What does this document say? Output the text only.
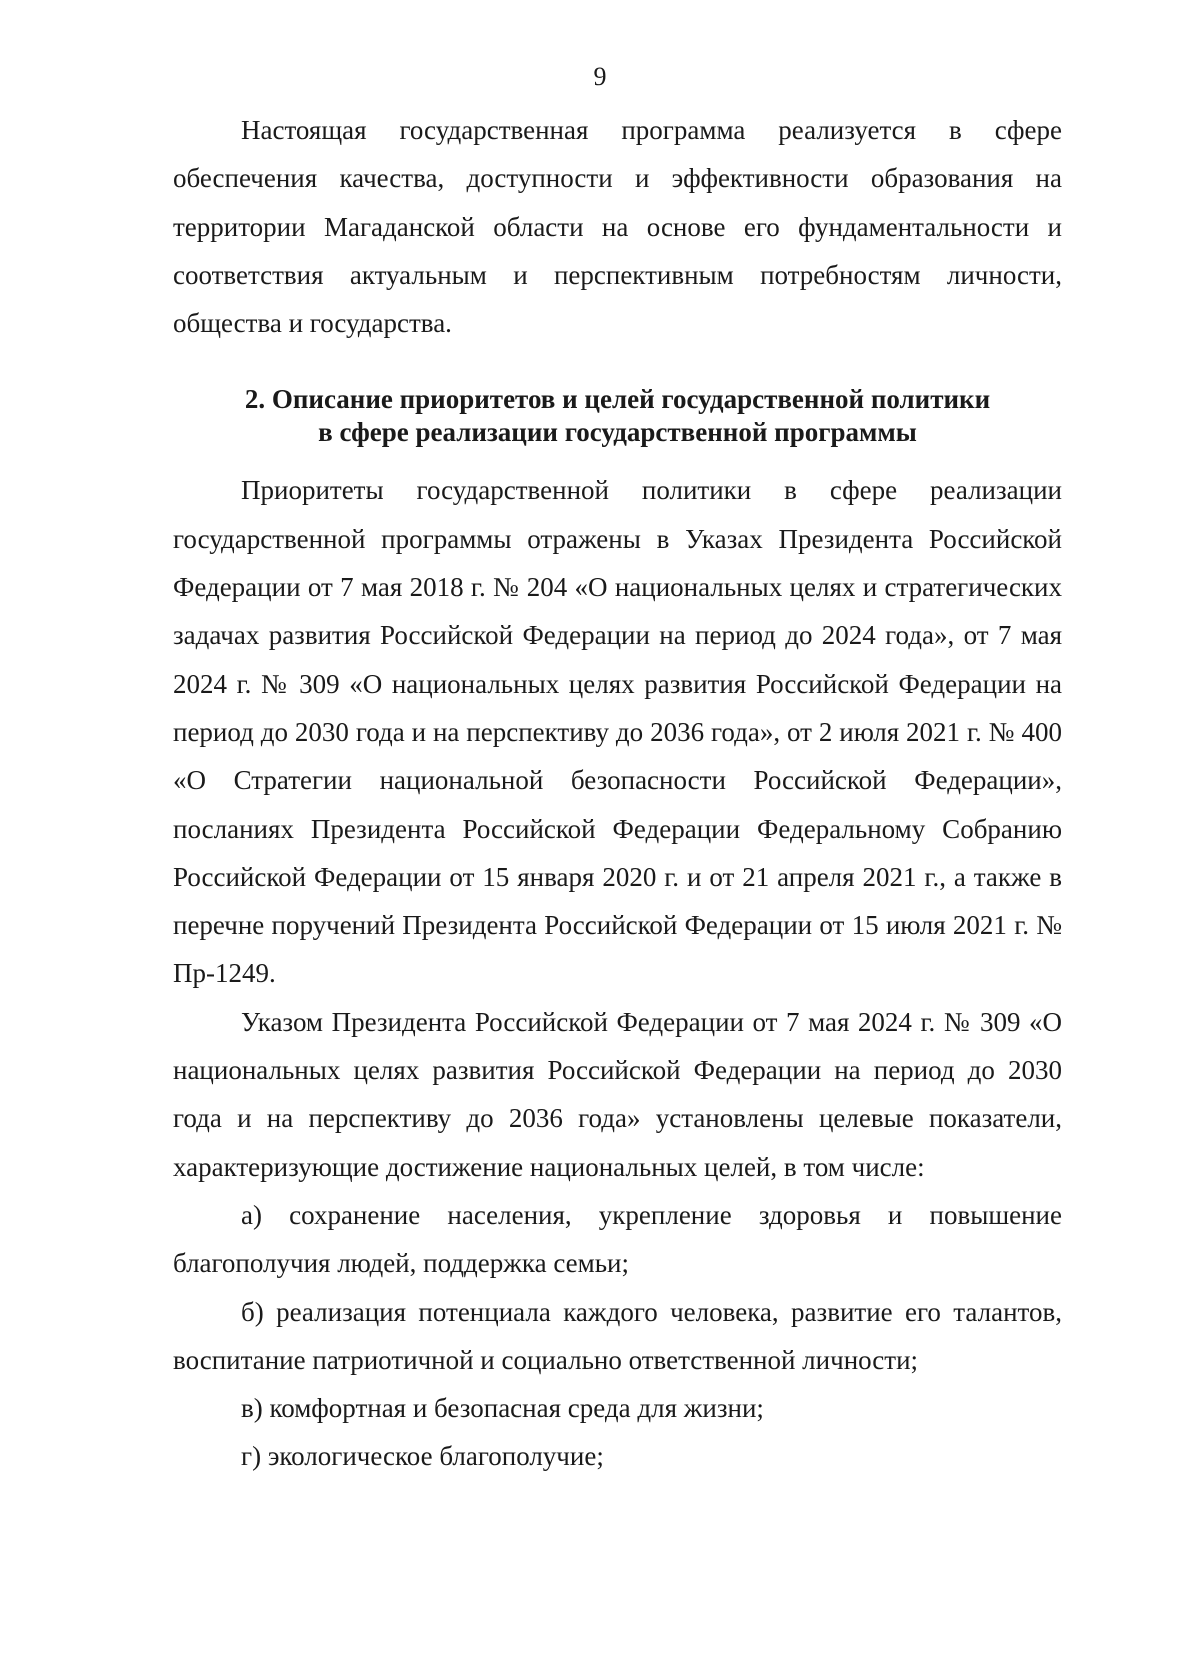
9

Настоящая государственная программа реализуется в сфере обеспечения качества, доступности и эффективности образования на территории Магаданской области на основе его фундаментальности и соответствия актуальным и перспективным потребностям личности, общества и государства.

2. Описание приоритетов и целей государственной политики
в сфере реализации государственной программы

Приоритеты государственной политики в сфере реализации государственной программы отражены в Указах Президента Российской Федерации от 7 мая 2018 г. № 204 «О национальных целях и стратегических задачах развития Российской Федерации на период до 2024 года», от 7 мая 2024 г. № 309 «О национальных целях развития Российской Федерации на период до 2030 года и на перспективу до 2036 года», от 2 июля 2021 г. № 400 «О Стратегии национальной безопасности Российской Федерации», посланиях Президента Российской Федерации Федеральному Собранию Российской Федерации от 15 января 2020 г. и от 21 апреля 2021 г., а также в перечне поручений Президента Российской Федерации от 15 июля 2021 г. № Пр-1249.

Указом Президента Российской Федерации от 7 мая 2024 г. № 309 «О национальных целях развития Российской Федерации на период до 2030 года и на перспективу до 2036 года» установлены целевые показатели, характеризующие достижение национальных целей, в том числе:

а) сохранение населения, укрепление здоровья и повышение благополучия людей, поддержка семьи;

б) реализация потенциала каждого человека, развитие его талантов, воспитание патриотичной и социально ответственной личности;

в) комфортная и безопасная среда для жизни;

г) экологическое благополучие;
